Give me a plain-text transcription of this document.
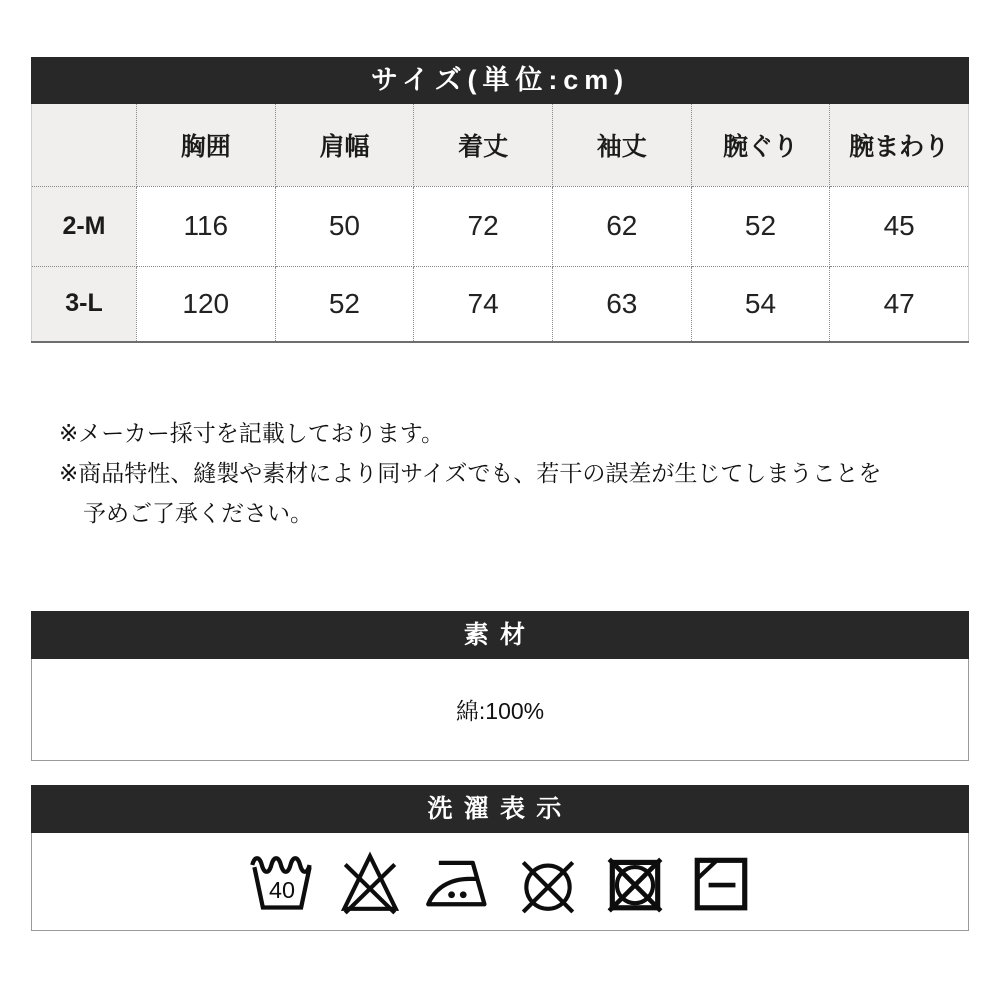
サイズ(単位:cm)
	胸囲	肩幅	着丈	袖丈	腕ぐり	腕まわり
2-M	116	50	72	62	52	45
3-L	120	52	74	63	54	47
※メーカー採寸を記載しております。
※商品特性、縫製や素材により同サイズでも、若干の誤差が生じてしまうことを
予めご了承ください。
素材
綿:100%
洗濯表示
40
